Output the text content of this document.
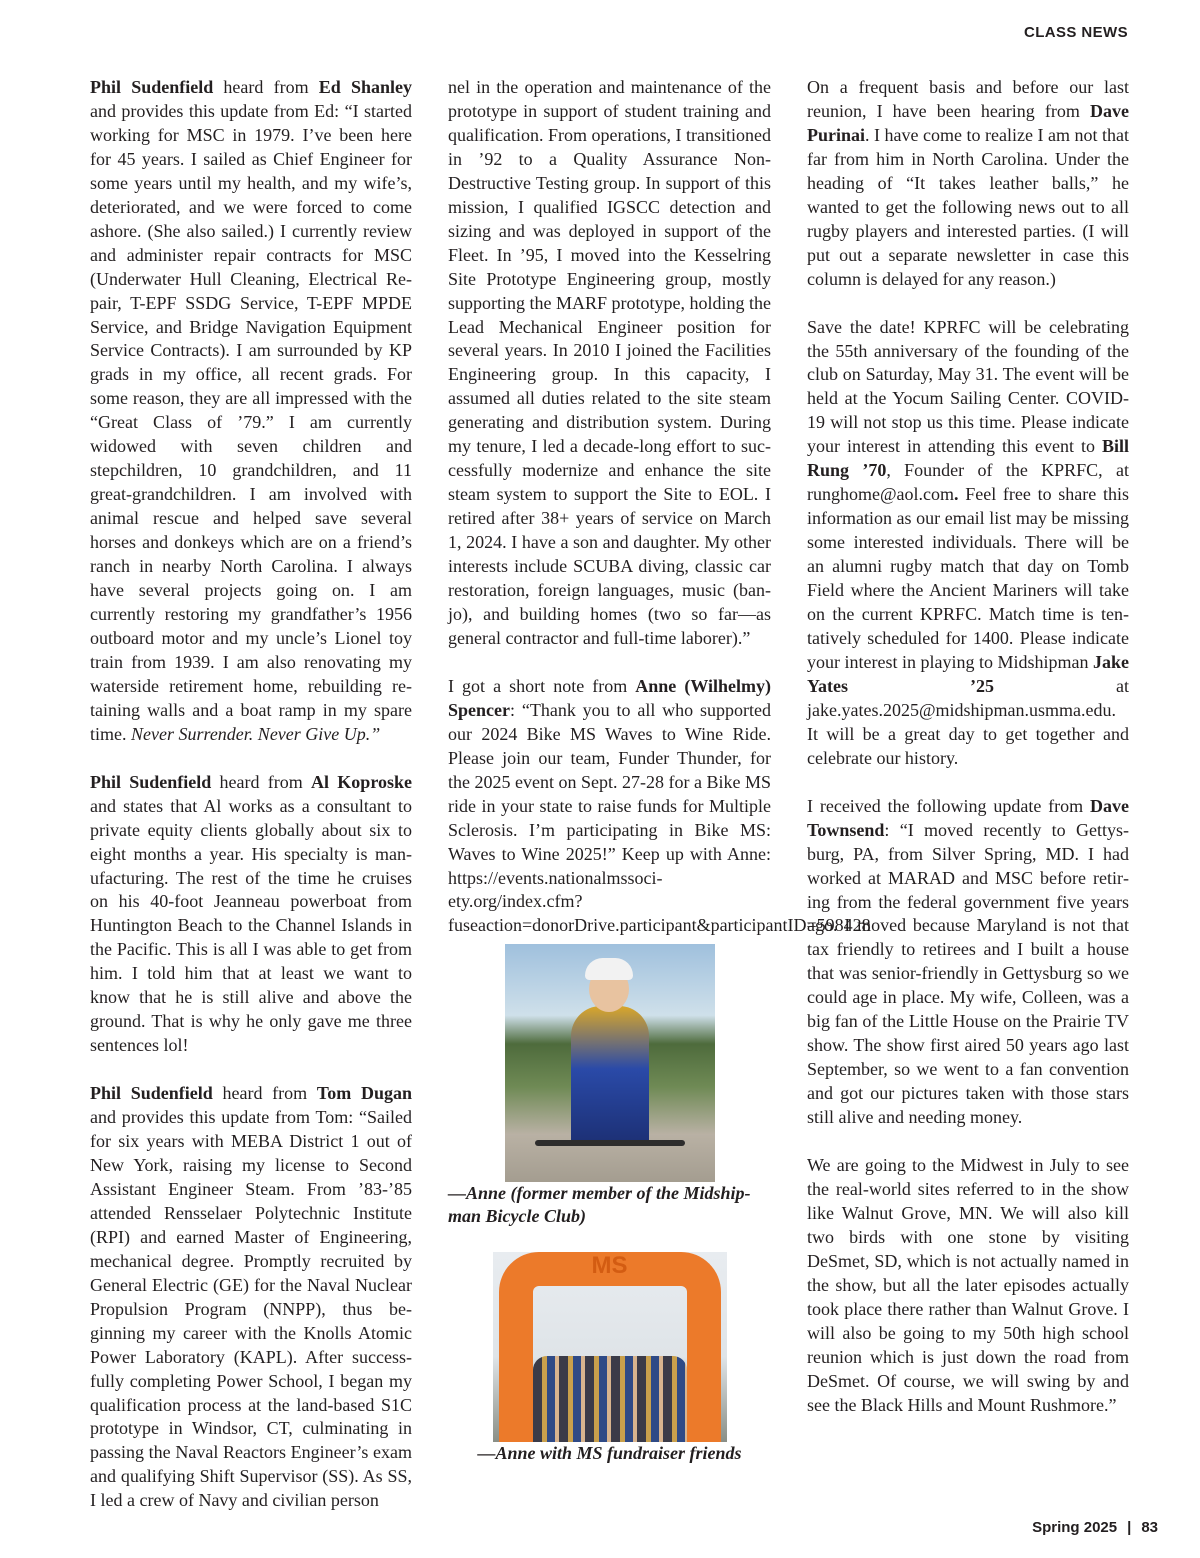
CLASS NEWS

Phil Sudenfield heard from Ed Shanley and provides this update from Ed: “I started working for MSC in 1979. I’ve been here for 45 years. I sailed as Chief Engineer for some years until my health, and my wife’s, deteriorated, and we were forced to come ashore. (She also sailed.) I currently review and administer repair contracts for MSC (Underwater Hull Cleaning, Electrical Repair, T-EPF SSDG Service, T-EPF MPDE Service, and Bridge Navigation Equipment Service Contracts). I am surrounded by KP grads in my office, all recent grads. For some reason, they are all impressed with the “Great Class of ’79.” I am currently widowed with seven children and stepchildren, 10 grandchildren, and 11 great-grandchildren. I am involved with animal rescue and helped save several horses and donkeys which are on a friend’s ranch in nearby North Carolina. I always have several projects going on. I am currently restoring my grandfather’s 1956 outboard motor and my uncle’s Lionel toy train from 1939. I am also renovating my waterside retirement home, rebuilding retaining walls and a boat ramp in my spare time. Never Surrender. Never Give Up.”

Phil Sudenfield heard from Al Koproske and states that Al works as a consultant to private equity clients globally about six to eight months a year. His specialty is manufacturing. The rest of the time he cruises on his 40-foot Jeanneau powerboat from Huntington Beach to the Channel Islands in the Pacific. This is all I was able to get from him. I told him that at least we want to know that he is still alive and above the ground. That is why he only gave me three sentences lol!

Phil Sudenfield heard from Tom Dugan and provides this update from Tom: “Sailed for six years with MEBA District 1 out of New York, raising my license to Second Assistant Engineer Steam. From ’83-’85 attended Rensselaer Polytechnic Institute (RPI) and earned Master of Engineering, mechanical degree. Promptly recruited by General Electric (GE) for the Naval Nuclear Propulsion Program (NNPP), thus beginning my career with the Knolls Atomic Power Laboratory (KAPL). After successfully completing Power School, I began my qualification process at the land-based S1C prototype in Windsor, CT, culminating in passing the Naval Reactors Engineer’s exam and qualifying Shift Supervisor (SS). As SS, I led a crew of Navy and civilian person

nel in the operation and maintenance of the prototype in support of student training and qualification. From operations, I transitioned in ’92 to a Quality Assurance Non-Destructive Testing group. In support of this mission, I qualified IGSCC detection and sizing and was deployed in support of the Fleet. In ’95, I moved into the Kesselring Site Prototype Engineering group, mostly supporting the MARF prototype, holding the Lead Mechanical Engineer position for several years. In 2010 I joined the Facilities Engineering group. In this capacity, I assumed all duties related to the site steam generating and distribution system. During my tenure, I led a decade-long effort to successfully modernize and enhance the site steam system to support the Site to EOL. I retired after 38+ years of service on March 1, 2024. I have a son and daughter. My other interests include SCUBA diving, classic car restoration, foreign languages, music (banjo), and building homes (two so far—as general contractor and full-time laborer).”

I got a short note from Anne (Wilhelmy) Spencer: “Thank you to all who supported our 2024 Bike MS Waves to Wine Ride. Please join our team, Funder Thunder, for the 2025 event on Sept. 27-28 for a Bike MS ride in your state to raise funds for Multiple Sclerosis. I’m participating in Bike MS: Waves to Wine 2025!” Keep up with Anne: https://events.nationalmssociety.org/index.cfm?fuseaction=donorDrive.participant&participantID=598428

—Anne (former member of the Midshipman Bicycle Club)

MS

—Anne with MS fundraiser friends

On a frequent basis and before our last reunion, I have been hearing from Dave Purinai. I have come to realize I am not that far from him in North Carolina. Under the heading of “It takes leather balls,” he wanted to get the following news out to all rugby players and interested parties. (I will put out a separate newsletter in case this column is delayed for any reason.)

Save the date! KPRFC will be celebrating the 55th anniversary of the founding of the club on Saturday, May 31. The event will be held at the Yocum Sailing Center. COVID-19 will not stop us this time. Please indicate your interest in attending this event to Bill Rung ’70, Founder of the KPRFC, at runghome@aol.com. Feel free to share this information as our email list may be missing some interested individuals. There will be an alumni rugby match that day on Tomb Field where the Ancient Mariners will take on the current KPRFC. Match time is tentatively scheduled for 1400. Please indicate your interest in playing to Midshipman Jake Yates ’25 at jake.yates.2025@midshipman.usmma.edu. It will be a great day to get together and celebrate our history.

I received the following update from Dave Townsend: “I moved recently to Gettysburg, PA, from Silver Spring, MD. I had worked at MARAD and MSC before retiring from the federal government five years ago. I moved because Maryland is not that tax friendly to retirees and I built a house that was senior-friendly in Gettysburg so we could age in place. My wife, Colleen, was a big fan of the Little House on the Prairie TV show. The show first aired 50 years ago last September, so we went to a fan convention and got our pictures taken with those stars still alive and needing money.

We are going to the Midwest in July to see the real-world sites referred to in the show like Walnut Grove, MN. We will also kill two birds with one stone by visiting DeSmet, SD, which is not actually named in the show, but all the later episodes actually took place there rather than Walnut Grove. I will also be going to my 50th high school reunion which is just down the road from DeSmet. Of course, we will swing by and see the Black Hills and Mount Rushmore.”

Spring 2025 | 83
